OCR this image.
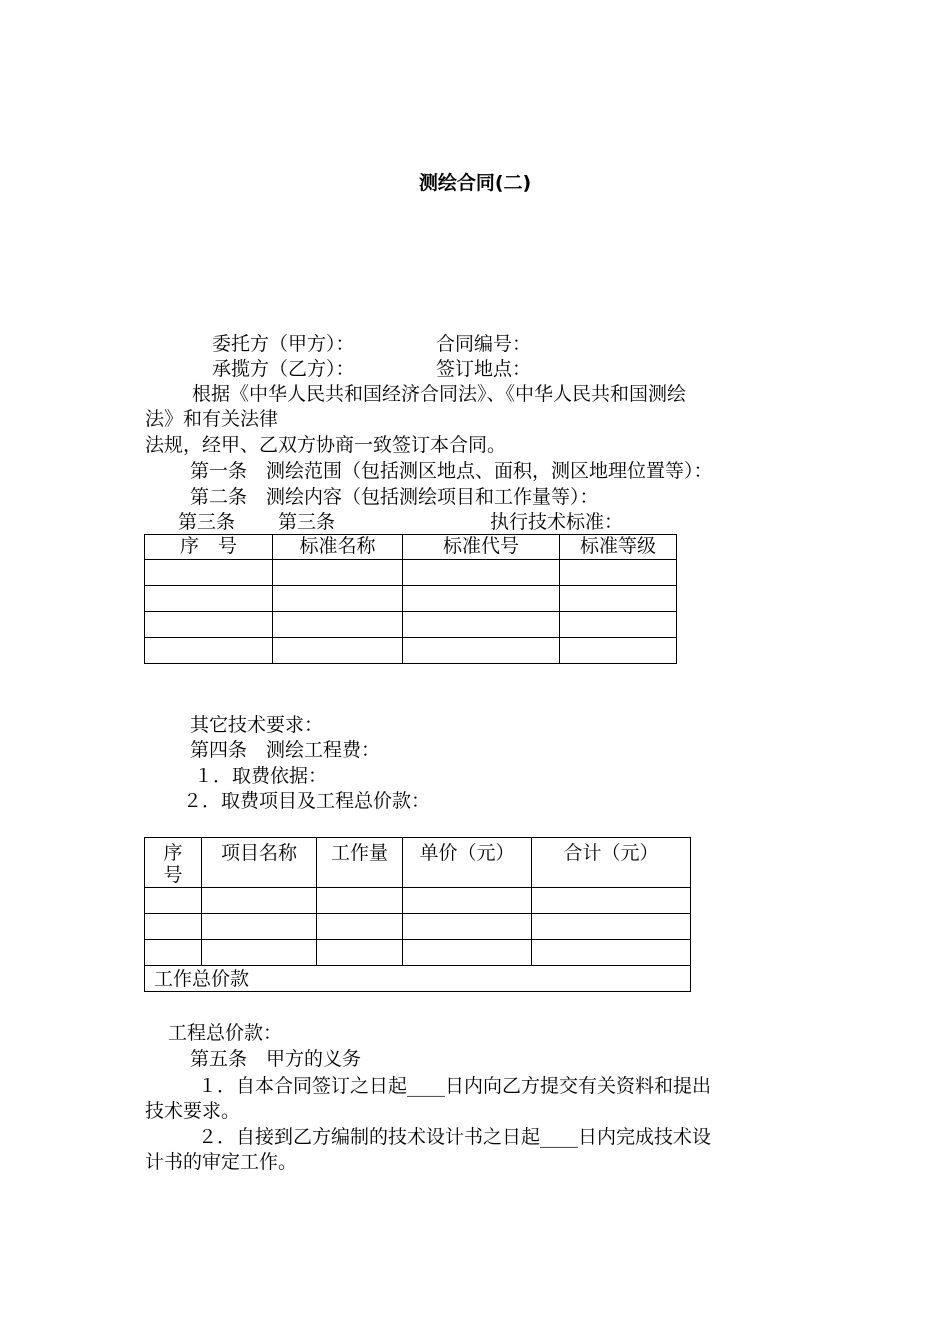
测绘合同(二)
委托方（甲方）：	合同编号：
承揽方（乙方）：	签订地点：
根据《中华人民共和国经济合同法》、《中华人民共和国测绘
法》和有关法律
法规，经甲、乙双方协商一致签订本合同。
第一条　测绘范围（包括测区地点、面积，测区地理位置等）：
第二条　测绘内容（包括测绘项目和工作量等）：
第三条 第三条	执行技术标准：
序　号	标准名称	标准代号	标准等级

其它技术要求：
第四条　测绘工程费：
１．取费依据：
２．取费项目及工程总价款：
序号	项目名称	工作量	单价（元）	合计（元）

工作总价款				
工程总价款：
第五条　甲方的义务
１．自本合同签订之日起____日内向乙方提交有关资料和提出
技术要求。
２．自接到乙方编制的技术设计书之日起____日内完成技术设
计书的审定工作。
